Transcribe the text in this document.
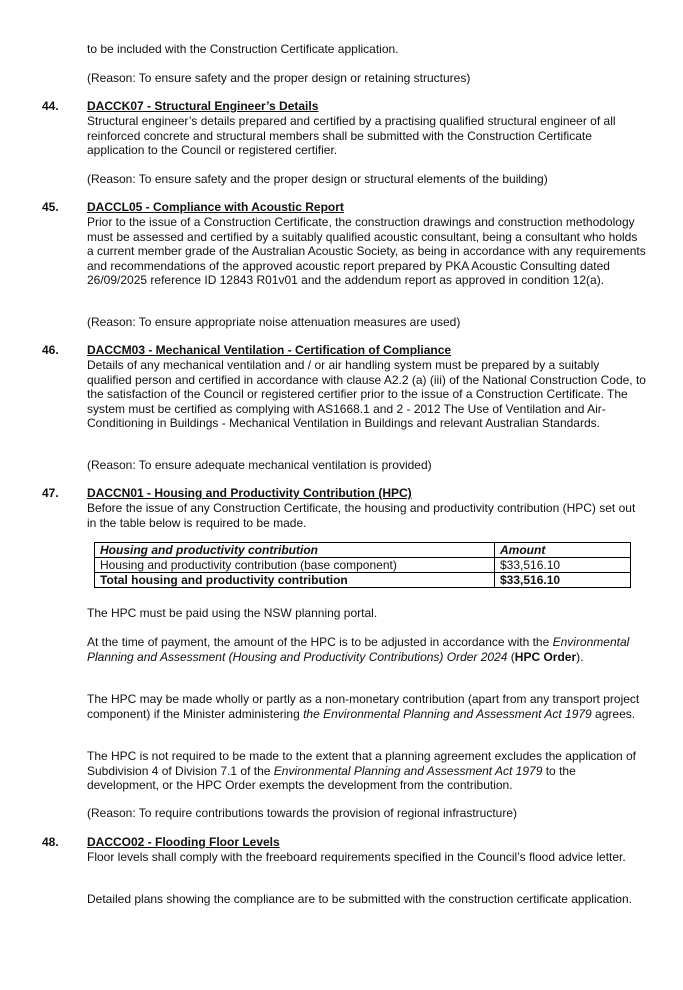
to be included with the Construction Certificate application.

(Reason: To ensure safety and the proper design or retaining structures)

44. DACCK07 - Structural Engineer’s Details

Structural engineer’s details prepared and certified by a practising qualified structural engineer of all reinforced concrete and structural members shall be submitted with the Construction Certificate application to the Council or registered certifier.

(Reason: To ensure safety and the proper design or structural elements of the building)

45. DACCL05 - Compliance with Acoustic Report

Prior to the issue of a Construction Certificate, the construction drawings and construction methodology must be assessed and certified by a suitably qualified acoustic consultant, being a consultant who holds a current member grade of the Australian Acoustic Society, as being in accordance with any requirements and recommendations of the approved acoustic report prepared by PKA Acoustic Consulting dated 26/09/2025 reference ID 12843 R01v01 and the addendum report as approved in condition 12(a).

(Reason: To ensure appropriate noise attenuation measures are used)

46. DACCM03 - Mechanical Ventilation - Certification of Compliance

Details of any mechanical ventilation and / or air handling system must be prepared by a suitably qualified person and certified in accordance with clause A2.2 (a) (iii) of the National Construction Code, to the satisfaction of the Council or registered certifier prior to the issue of a Construction Certificate. The system must be certified as complying with AS1668.1 and 2 - 2012 The Use of Ventilation and Air-Conditioning in Buildings - Mechanical Ventilation in Buildings and relevant Australian Standards.

(Reason: To ensure adequate mechanical ventilation is provided)

47. DACCN01 - Housing and Productivity Contribution (HPC)

Before the issue of any Construction Certificate, the housing and productivity contribution (HPC) set out in the table below is required to be made.

Housing and productivity contribution	Amount
Housing and productivity contribution (base component)	$33,516.10
Total housing and productivity contribution	$33,516.10

The HPC must be paid using the NSW planning portal.

At the time of payment, the amount of the HPC is to be adjusted in accordance with the Environmental Planning and Assessment (Housing and Productivity Contributions) Order 2024 (HPC Order).

The HPC may be made wholly or partly as a non-monetary contribution (apart from any transport project component) if the Minister administering the Environmental Planning and Assessment Act 1979 agrees.

The HPC is not required to be made to the extent that a planning agreement excludes the application of Subdivision 4 of Division 7.1 of the Environmental Planning and Assessment Act 1979 to the development, or the HPC Order exempts the development from the contribution.

(Reason: To require contributions towards the provision of regional infrastructure)

48. DACCO02 - Flooding Floor Levels

Floor levels shall comply with the freeboard requirements specified in the Council’s flood advice letter.

Detailed plans showing the compliance are to be submitted with the construction certificate application.
